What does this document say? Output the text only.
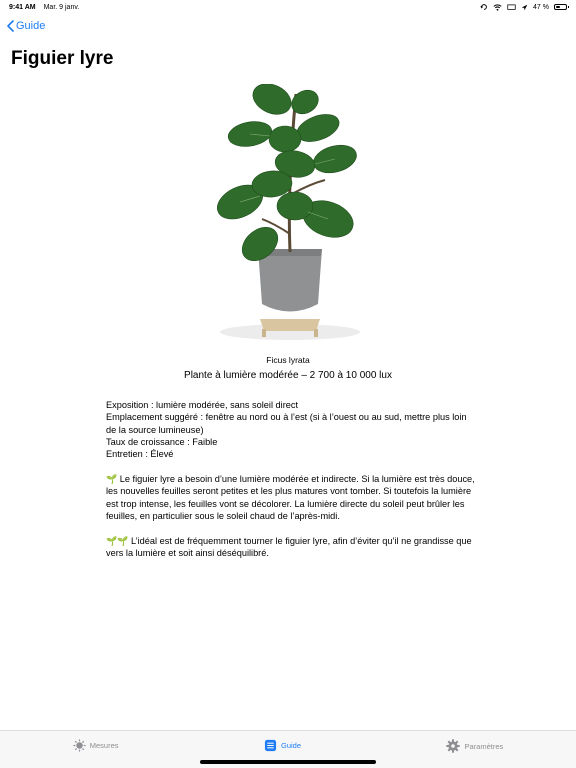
9:41 AM Mar. 9 janv.	47 %
Guide
Figuier lyre
Ficus lyrata
Plante à lumière modérée – 2 700 à 10 000 lux

Exposition : lumière modérée, sans soleil direct

Emplacement suggéré : fenêtre au nord ou à l’est (si à l’ouest ou au sud, mettre plus loin de la source lumineuse)

Taux de croissance : Faible

Entretien : Élevé

🌱 Le figuier lyre a besoin d’une lumière modérée et indirecte. Si la lumière est très douce, les nouvelles feuilles seront petites et les plus matures vont tomber. Si toutefois la lumière est trop intense, les feuilles vont se décolorer. La lumière directe du soleil peut brûler les feuilles, en particulier sous le soleil chaud de l’après-midi.

🌱🌱 L’idéal est de fréquemment tourner le figuier lyre, afin d’éviter qu’il ne grandisse que vers la lumière et soit ainsi déséquilibré.

Mesures	Guide	Paramètres
